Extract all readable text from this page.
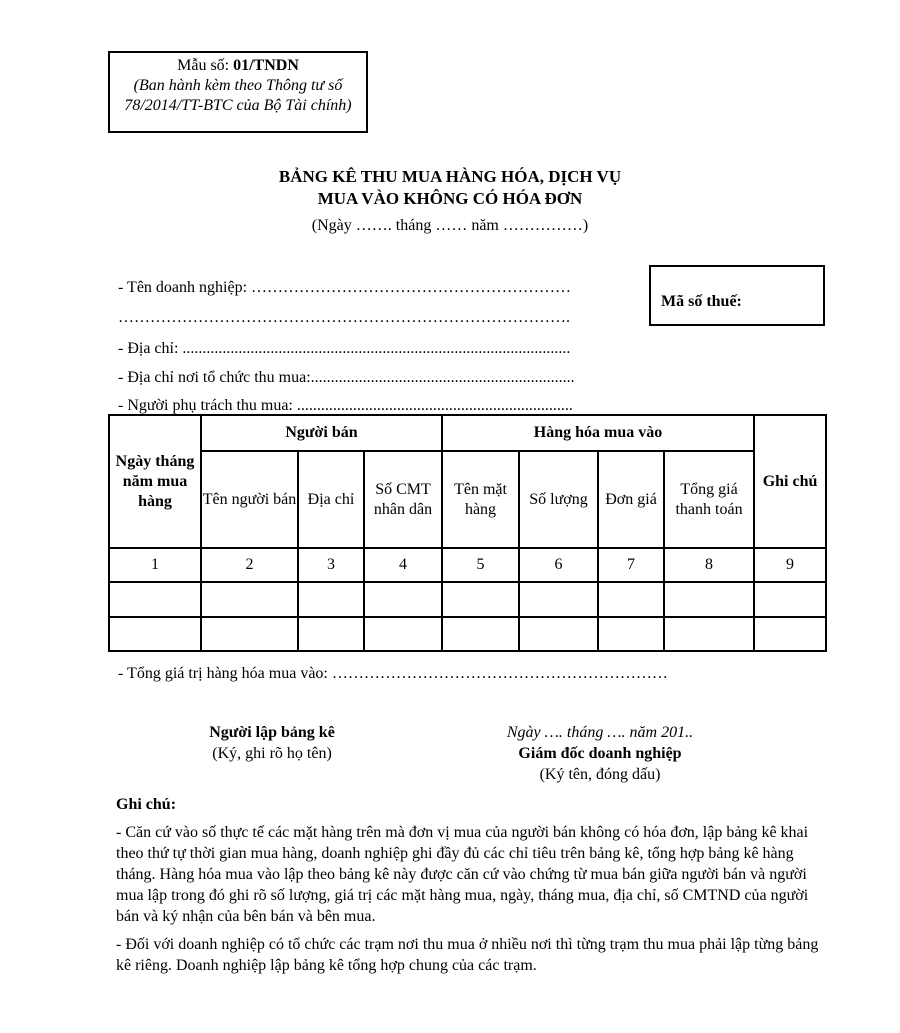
Mẫu số: 01/TNDN
(Ban hành kèm theo Thông tư số 78/2014/TT-BTC của Bộ Tài chính)
BẢNG KÊ THU MUA HÀNG HÓA, DỊCH VỤ
MUA VÀO KHÔNG CÓ HÓA ĐƠN
(Ngày ……. tháng …… năm ……………)
- Tên doanh nghiệp: ……………………………………………………
………………………………………………………………………….
Mã số thuế:
- Địa chỉ: .................................................................................................
- Địa chỉ nơi tổ chức thu mua:..................................................................
- Người phụ trách thu mua: .....................................................................
Ngày tháng năm mua hàng	Người bán			Hàng hóa mua vào				Ghi chú
	Tên người bán	Địa chỉ	Số CMT nhân dân	Tên mặt hàng	Số lượng	Đơn giá	Tổng giá thanh toán	
1	2	3	4	5	6	7	8	9

- Tổng giá trị hàng hóa mua vào: ………………………………………………………
Người lập bảng kê
(Ký, ghi rõ họ tên)
Ngày …. tháng …. năm 201..
Giám đốc doanh nghiệp
(Ký tên, đóng dấu)
Ghi chú:

- Căn cứ vào số thực tế các mặt hàng trên mà đơn vị mua của người bán không có hóa đơn, lập bảng kê khai theo thứ tự thời gian mua hàng, doanh nghiệp ghi đầy đủ các chỉ tiêu trên bảng kê, tổng hợp bảng kê hàng tháng. Hàng hóa mua vào lập theo bảng kê này được căn cứ vào chứng từ mua bán giữa người bán và người mua lập trong đó ghi rõ số lượng, giá trị các mặt hàng mua, ngày, tháng mua, địa chỉ, số CMTND của người bán và ký nhận của bên bán và bên mua.

- Đối với doanh nghiệp có tổ chức các trạm nơi thu mua ở nhiều nơi thì từng trạm thu mua phải lập từng bảng kê riêng. Doanh nghiệp lập bảng kê tổng hợp chung của các trạm.
